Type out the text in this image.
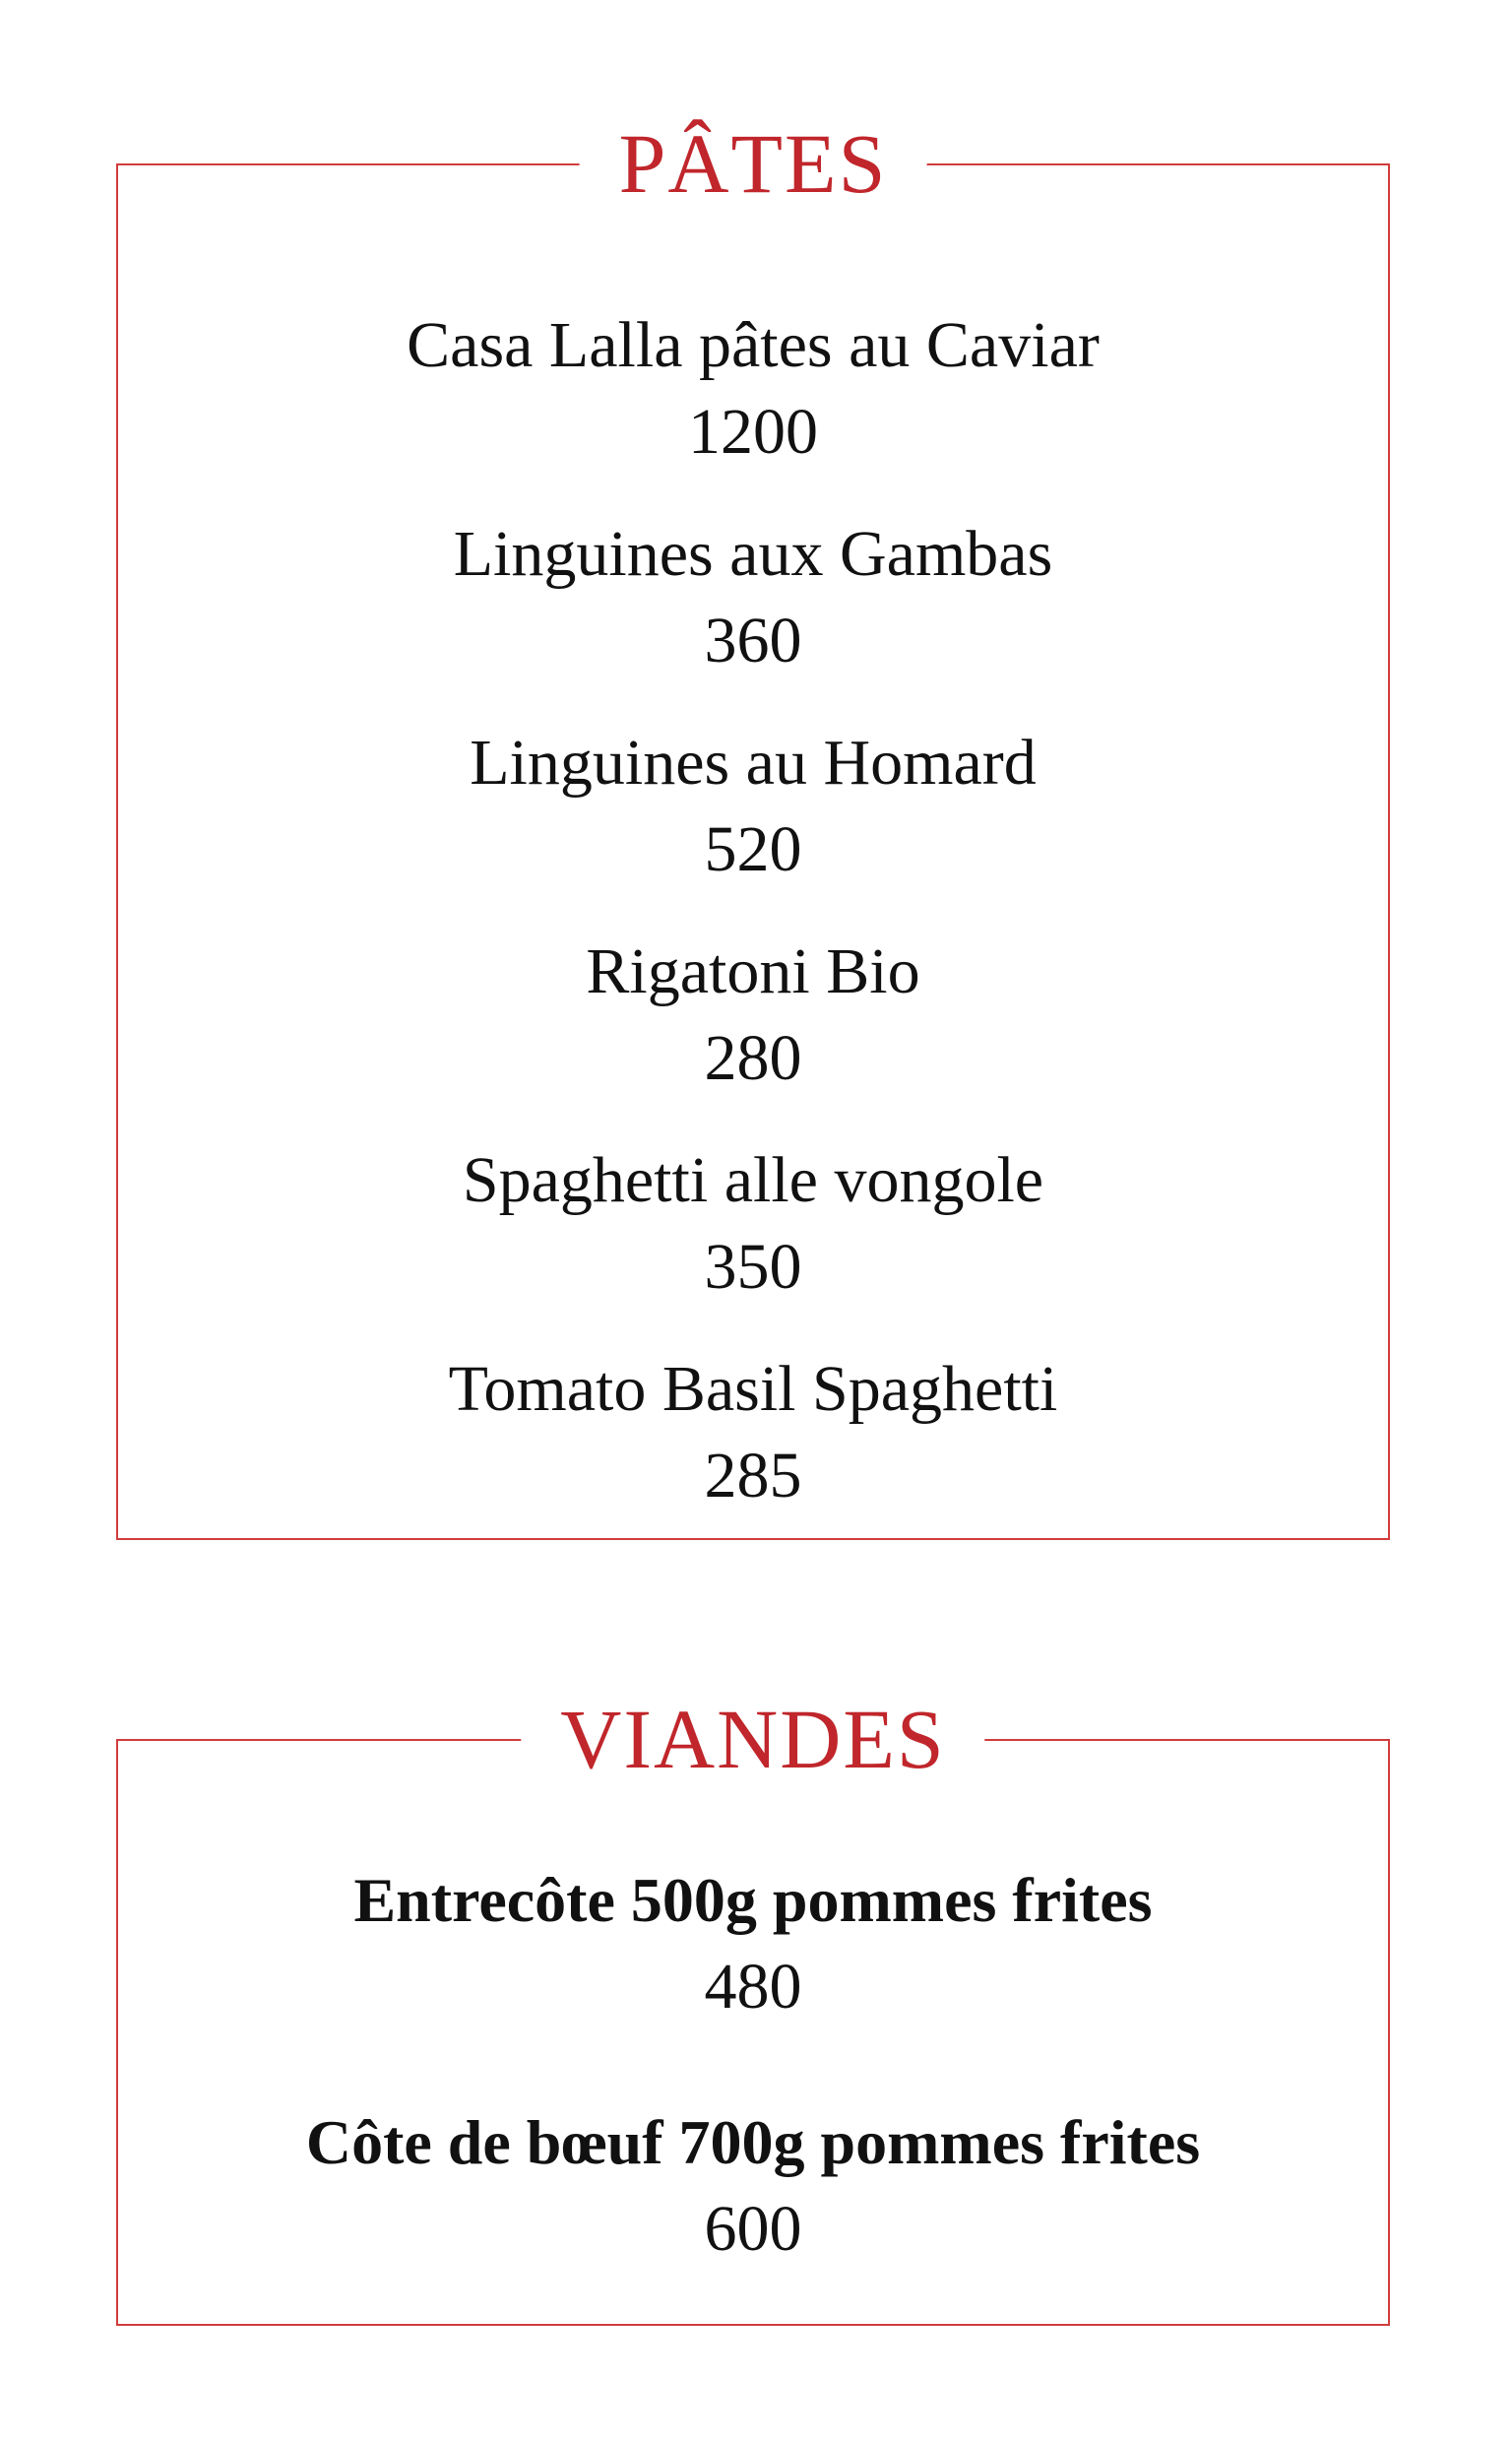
PÂTES
Casa Lalla pâtes au Caviar
1200
Linguines aux Gambas
360
Linguines au Homard
520
Rigatoni Bio
280
Spaghetti alle vongole
350
Tomato Basil Spaghetti
285
VIANDES
Entrecôte 500g pommes frites
480
Côte de bœuf 700g pommes frites
600
